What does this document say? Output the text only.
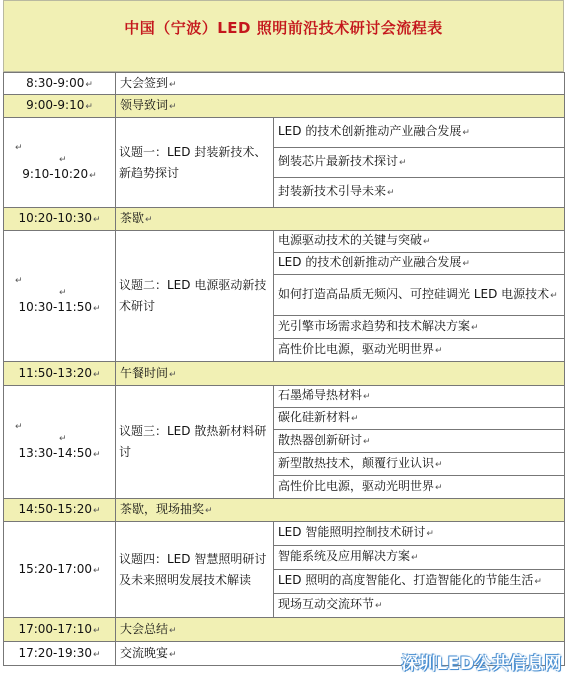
中国（宁波）LED 照明前沿技术研讨会流程表
8:30-9:00↵	大会签到↵	
9:00-9:10↵	领导致词↵	

↵
↵
9:10-10:20↵	议题一：LED 封装新技术、新趋势探讨	LED 的技术创新推动产业融合发展↵
		倒装芯片最新技术探讨↵
		封装新技术引导未来↵
10:20-10:30↵	茶歇↵	

↵
↵
10:30-11:50↵	议题二：LED 电源驱动新技术研讨	电源驱动技术的关键与突破↵
		LED 的技术创新推动产业融合发展↵
		如何打造高品质无频闪、可控硅调光 LED 电源技术↵
		光引擎市场需求趋势和技术解决方案↵
		高性价比电源，驱动光明世界↵
11:50-13:20↵	午餐时间↵	

↵
↵
13:30-14:50↵	议题三：LED 散热新材料研讨	石墨烯导热材料↵
		碳化硅新材料↵
		散热器创新研讨↵
		新型散热技术，颠覆行业认识↵
		高性价比电源，驱动光明世界↵
14:50-15:20↵	茶歇，现场抽奖↵	
15:20-17:00↵	议题四：LED 智慧照明研讨及未来照明发展技术解读	LED 智能照明控制技术研讨↵
		智能系统及应用解决方案↵
		LED 照明的高度智能化、打造智能化的节能生活↵
		现场互动交流环节↵
17:00-17:10↵	大会总结↵	
17:20-19:30↵	交流晚宴↵		深圳LED公共信息网
